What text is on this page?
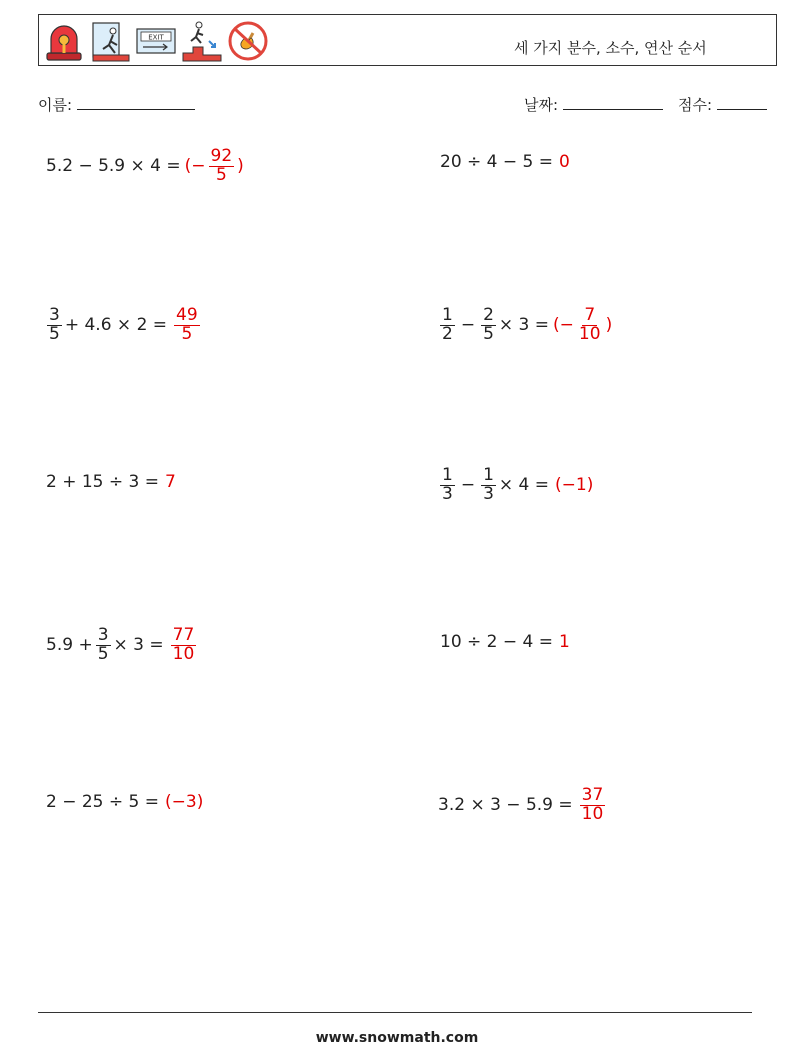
EXIT
세 가지 분수, 소수, 연산 순서
이름:	날짜:	점수:
5.2 − 5.9 × 4 = (− $\frac{92}{5}$ )	20 ÷ 4 − 5 = 0
$\frac{3}{5} + 4.6 \times 2 = \frac{49}{5}$	$\frac{1}{2} - \frac{2}{5} \times 3$ = (− $\frac{7}{10}$ )
2 + 15 ÷ 3 = 7	$\frac{1}{3} - \frac{1}{3} \times 4 = (-1)$
$5.9 + \frac{3}{5} \times 3 = \frac{77}{10}$	10 ÷ 2 − 4 = 1
2 − 25 ÷ 5 = (−3)	$3.2 \times 3 - 5.9 = \frac{37}{10}$
www.snowmath.com
